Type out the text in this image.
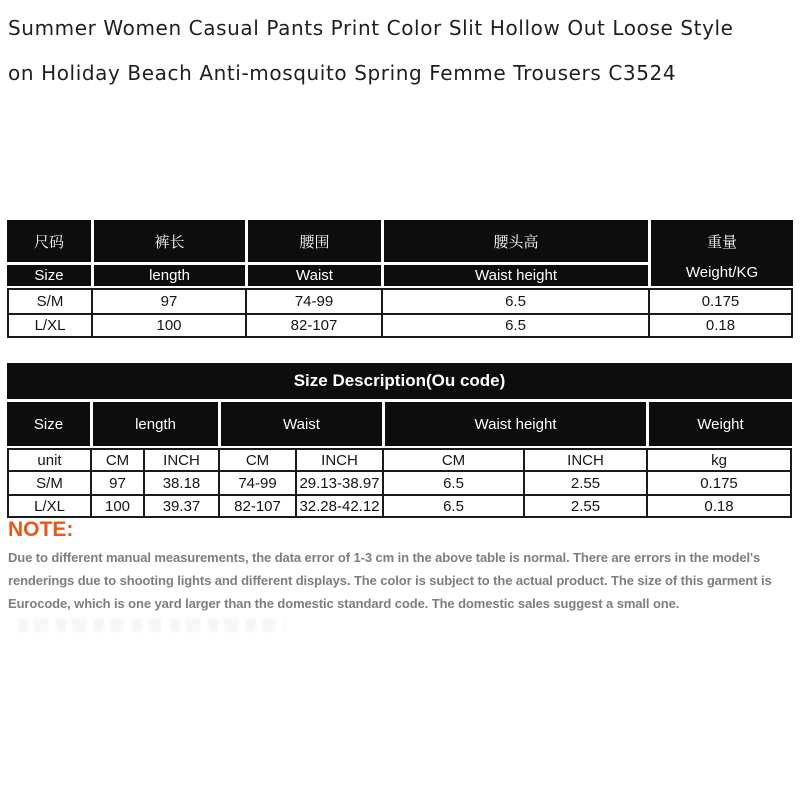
Summer Women Casual Pants Print Color Slit Hollow Out Loose Style
on Holiday Beach Anti-mosquito Spring Femme Trousers C3524
尺码	裤长	腰围	腰头高	重量
Weight/KG
Size	length	Waist	Waist height
S/M	97	74-99	6.5	0.175
L/XL	100	82-107	6.5	0.18
Size Description(Ou code)
Size	length	Waist	Waist height	Weight
unit	CM	INCH	CM	INCH	CM	INCH	kg
S/M	97	38.18	74-99	29.13-38.97	6.5	2.55	0.175
L/XL	100	39.37	82-107	32.28-42.12	6.5	2.55	0.18
NOTE:
Due to different manual measurements, the data error of 1-3 cm in the above table is normal. There are errors in the model's renderings due to shooting lights and different displays. The color is subject to the actual product. The size of this garment is Eurocode, which is one yard larger than the domestic standard code. The domestic sales suggest a small one.
